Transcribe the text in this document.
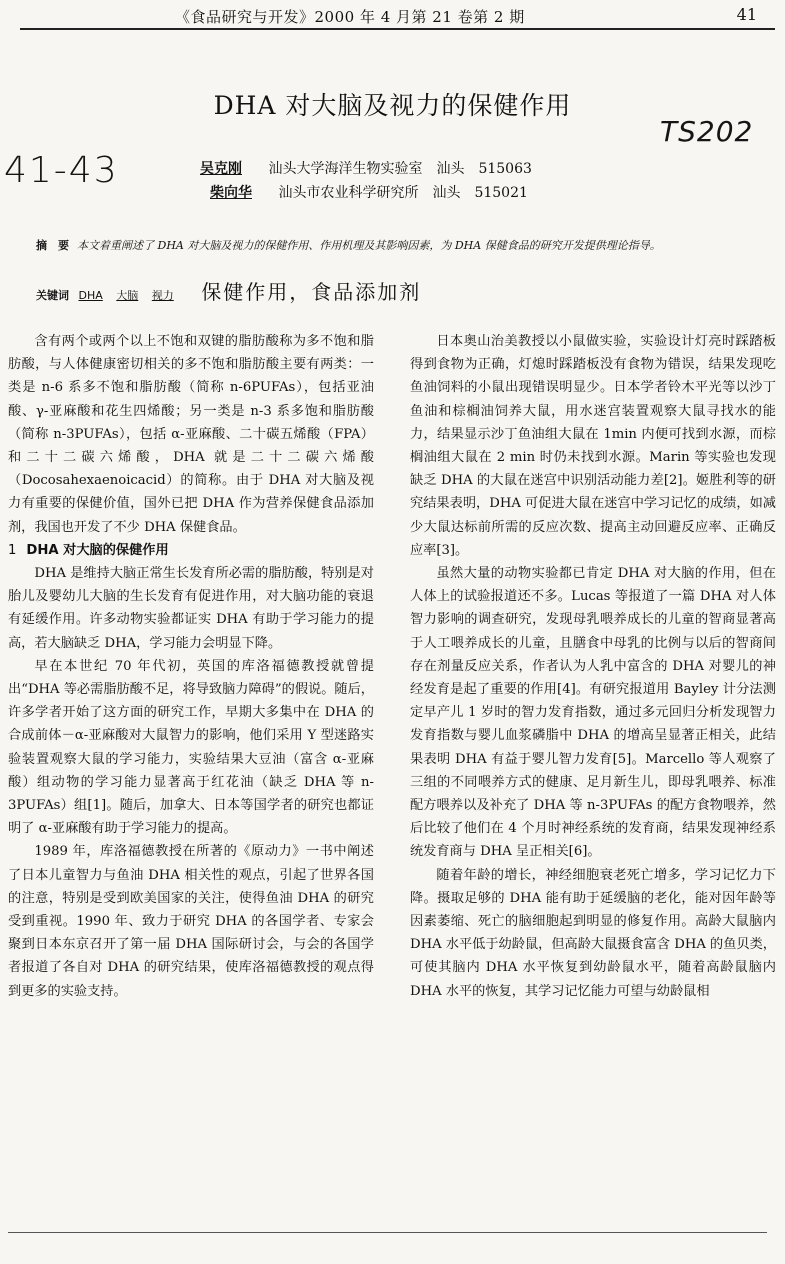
《食品研究与开发》2000 年 4 月第 21 卷第 2 期	41
DHA 对大脑及视力的保健作用
41-43
TS202
吴克刚 汕头大学海洋生物实验室　汕头　515063
柴向华 汕头市农业科学研究所　汕头　515021
摘　要 本文着重阐述了 DHA 对大脑及视力的保健作用、作用机理及其影响因素，为 DHA 保健食品的研究开发提供理论指导。
关键词 DHA 大脑 视力 保健作用，食品添加剂

含有两个或两个以上不饱和双键的脂肪酸称为多不饱和脂肪酸，与人体健康密切相关的多不饱和脂肪酸主要有两类：一类是 n-6 系多不饱和脂肪酸（简称 n-6PUFAs），包括亚油酸、γ-亚麻酸和花生四烯酸；另一类是 n-3 系多饱和脂肪酸（简称 n-3PUFAs），包括 α-亚麻酸、二十碳五烯酸（FPA）和二十二碳六烯酸，DHA 就是二十二碳六烯酸（Docosahexaenoicacid）的简称。由于 DHA 对大脑及视力有重要的保健价值，国外已把 DHA 作为营养保健食品添加剂，我国也开发了不少 DHA 保健食品。

1 DHA 对大脑的保健作用

DHA 是维持大脑正常生长发育所必需的脂肪酸，特别是对胎儿及婴幼儿大脑的生长发育有促进作用，对大脑功能的衰退有延缓作用。许多动物实验都证实 DHA 有助于学习能力的提高，若大脑缺乏 DHA，学习能力会明显下降。

早在本世纪 70 年代初，英国的库洛福德教授就曾提出“DHA 等必需脂肪酸不足，将导致脑力障碍”的假说。随后，许多学者开始了这方面的研究工作，早期大多集中在 DHA 的合成前体－α-亚麻酸对大鼠智力的影响，他们采用 Y 型迷路实验装置观察大鼠的学习能力，实验结果大豆油（富含 α-亚麻酸）组动物的学习能力显著高于红花油（缺乏 DHA 等 n-3PUFAs）组[1]。随后，加拿大、日本等国学者的研究也都证明了 α-亚麻酸有助于学习能力的提高。

1989 年，库洛福德教授在所著的《原动力》一书中阐述了日本儿童智力与鱼油 DHA 相关性的观点，引起了世界各国的注意，特别是受到欧美国家的关注，使得鱼油 DHA 的研究受到重视。1990 年、致力于研究 DHA 的各国学者、专家会聚到日本东京召开了第一届 DHA 国际研讨会，与会的各国学者报道了各自对 DHA 的研究结果，使库洛福德教授的观点得到更多的实验支持。

日本奥山治美教授以小鼠做实验，实验设计灯亮时踩踏板得到食物为正确，灯熄时踩踏板没有食物为错误，结果发现吃鱼油饲料的小鼠出现错误明显少。日本学者铃木平光等以沙丁鱼油和棕榈油饲养大鼠，用水迷宫装置观察大鼠寻找水的能力，结果显示沙丁鱼油组大鼠在 1min 内便可找到水源，而棕榈油组大鼠在 2 min 时仍未找到水源。Marin 等实验也发现缺乏 DHA 的大鼠在迷宫中识别活动能力差[2]。姬胜利等的研究结果表明，DHA 可促进大鼠在迷宫中学习记忆的成绩，如减少大鼠达标前所需的反应次数、提高主动回避反应率、正确反应率[3]。

虽然大量的动物实验都已肯定 DHA 对大脑的作用，但在人体上的试验报道还不多。Lucas 等报道了一篇 DHA 对人体智力影响的调查研究，发现母乳喂养成长的儿童的智商显著高于人工喂养成长的儿童，且膳食中母乳的比例与以后的智商间存在剂量反应关系，作者认为人乳中富含的 DHA 对婴儿的神经发育是起了重要的作用[4]。有研究报道用 Bayley 计分法测定早产儿 1 岁时的智力发育指数，通过多元回归分析发现智力发育指数与婴儿血浆磷脂中 DHA 的增高呈显著正相关，此结果表明 DHA 有益于婴儿智力发育[5]。Marcello 等人观察了三组的不同喂养方式的健康、足月新生儿，即母乳喂养、标准配方喂养以及补充了 DHA 等 n-3PUFAs 的配方食物喂养，然后比较了他们在 4 个月时神经系统的发育商，结果发现神经系统发育商与 DHA 呈正相关[6]。

随着年龄的增长，神经细胞衰老死亡增多，学习记忆力下降。摄取足够的 DHA 能有助于延缓脑的老化，能对因年龄等因素萎缩、死亡的脑细胞起到明显的修复作用。高龄大鼠脑内 DHA 水平低于幼龄鼠，但高龄大鼠摄食富含 DHA 的鱼贝类，可使其脑内 DHA 水平恢复到幼龄鼠水平，随着高龄鼠脑内 DHA 水平的恢复，其学习记忆能力可望与幼龄鼠相
